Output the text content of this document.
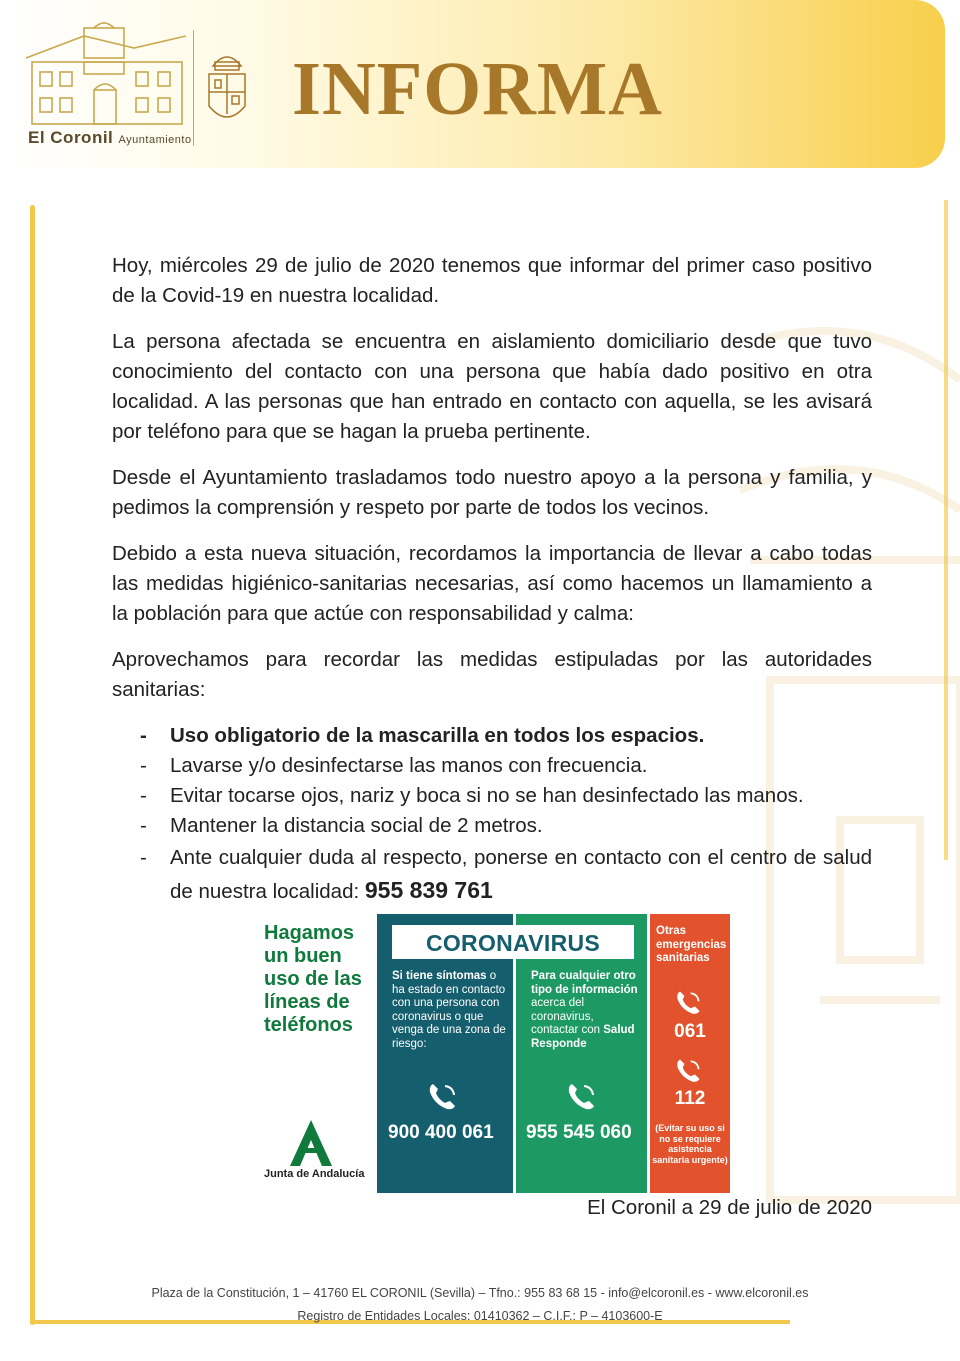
El Coronil Ayuntamiento
INFORMA

Hoy, miércoles 29 de julio de 2020 tenemos que informar del primer caso positivo de la Covid-19 en nuestra localidad.

La persona afectada se encuentra en aislamiento domiciliario desde que tuvo conocimiento del contacto con una persona que había dado positivo en otra localidad. A las personas que han entrado en contacto con aquella, se les avisará por teléfono para que se hagan la prueba pertinente.

Desde el Ayuntamiento trasladamos todo nuestro apoyo a la persona y familia, y pedimos la comprensión y respeto por parte de todos los vecinos.

Debido a esta nueva situación, recordamos la importancia de llevar a cabo todas las medidas higiénico-sanitarias necesarias, así como hacemos un llamamiento a la población para que actúe con responsabilidad y calma:

Aprovechamos para recordar las medidas estipuladas por las autoridades sanitarias:

- Uso obligatorio de la mascarilla en todos los espacios.
- Lavarse y/o desinfectarse las manos con frecuencia.
- Evitar tocarse ojos, nariz y boca si no se han desinfectado las manos.
- Mantener la distancia social de 2 metros.
- Ante cualquier duda al respecto, ponerse en contacto con el centro de salud de nuestra localidad: 955 839 761
Hagamos un buen uso de las líneas de teléfonos
Junta de Andalucía
CORONAVIRUS
Si tiene síntomas o ha estado en contacto con una persona con coronavirus o que venga de una zona de riesgo:
900 400 061
Para cualquier otro tipo de información acerca del coronavirus, contactar con Salud Responde
955 545 060
Otras emergencias sanitarias
061
112
(Evitar su uso si no se requiere asistencia sanitaria urgente)
El Coronil a 29 de julio de 2020
Plaza de la Constitución, 1 – 41760 EL CORONIL (Sevilla) – Tfno.: 955 83 68 15 - info@elcoronil.es - www.elcoronil.es
Registro de Entidades Locales: 01410362 – C.I.F.: P – 4103600-E
